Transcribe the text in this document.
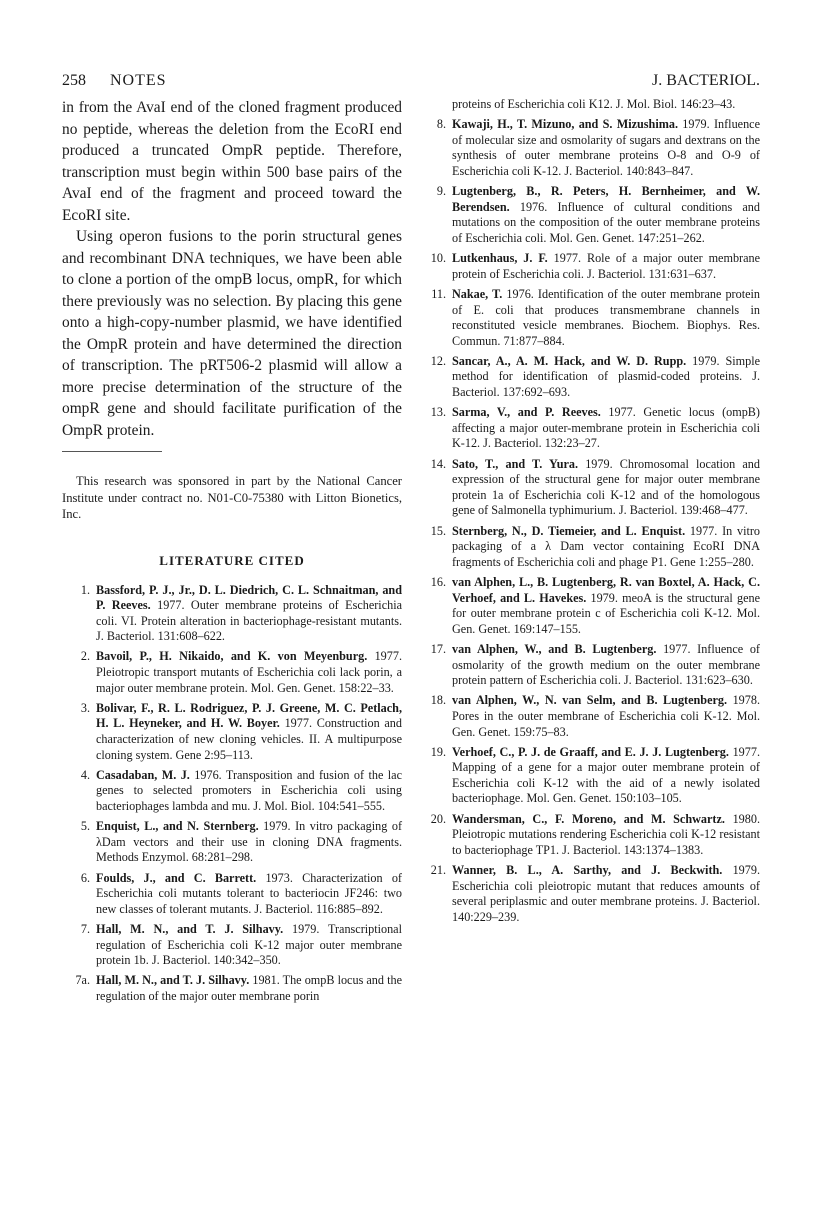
258 NOTES	J. BACTERIOL.

in from the AvaI end of the cloned fragment produced no peptide, whereas the deletion from the EcoRI end produced a truncated OmpR peptide. Therefore, transcription must begin within 500 base pairs of the AvaI end of the fragment and proceed toward the EcoRI site.

Using operon fusions to the porin structural genes and recombinant DNA techniques, we have been able to clone a portion of the ompB locus, ompR, for which there previously was no selection. By placing this gene onto a high-copy-number plasmid, we have identified the OmpR protein and have determined the direction of transcription. The pRT506-2 plasmid will allow a more precise determination of the structure of the ompR gene and should facilitate purification of the OmpR protein.

This research was sponsored in part by the National Cancer Institute under contract no. N01-C0-75380 with Litton Bionetics, Inc.

LITERATURE CITED
1. Bassford, P. J., Jr., D. L. Diedrich, C. L. Schnaitman, and P. Reeves. 1977. Outer membrane proteins of Escherichia coli. VI. Protein alteration in bacteriophage-resistant mutants. J. Bacteriol. 131:608–622.
2. Bavoil, P., H. Nikaido, and K. von Meyenburg. 1977. Pleiotropic transport mutants of Escherichia coli lack porin, a major outer membrane protein. Mol. Gen. Genet. 158:22–33.
3. Bolivar, F., R. L. Rodriguez, P. J. Greene, M. C. Petlach, H. L. Heyneker, and H. W. Boyer. 1977. Construction and characterization of new cloning vehicles. II. A multipurpose cloning system. Gene 2:95–113.
4. Casadaban, M. J. 1976. Transposition and fusion of the lac genes to selected promoters in Escherichia coli using bacteriophages lambda and mu. J. Mol. Biol. 104:541–555.
5. Enquist, L., and N. Sternberg. 1979. In vitro packaging of λDam vectors and their use in cloning DNA fragments. Methods Enzymol. 68:281–298.
6. Foulds, J., and C. Barrett. 1973. Characterization of Escherichia coli mutants tolerant to bacteriocin JF246: two new classes of tolerant mutants. J. Bacteriol. 116:885–892.
7. Hall, M. N., and T. J. Silhavy. 1979. Transcriptional regulation of Escherichia coli K-12 major outer membrane protein 1b. J. Bacteriol. 140:342–350.
7a. Hall, M. N., and T. J. Silhavy. 1981. The ompB locus and the regulation of the major outer membrane porin

proteins of Escherichia coli K12. J. Mol. Biol. 146:23–43.

8. Kawaji, H., T. Mizuno, and S. Mizushima. 1979. Influence of molecular size and osmolarity of sugars and dextrans on the synthesis of outer membrane proteins O-8 and O-9 of Escherichia coli K-12. J. Bacteriol. 140:843–847.
9. Lugtenberg, B., R. Peters, H. Bernheimer, and W. Berendsen. 1976. Influence of cultural conditions and mutations on the composition of the outer membrane proteins of Escherichia coli. Mol. Gen. Genet. 147:251–262.
10. Lutkenhaus, J. F. 1977. Role of a major outer membrane protein of Escherichia coli. J. Bacteriol. 131:631–637.
11. Nakae, T. 1976. Identification of the outer membrane protein of E. coli that produces transmembrane channels in reconstituted vesicle membranes. Biochem. Biophys. Res. Commun. 71:877–884.
12. Sancar, A., A. M. Hack, and W. D. Rupp. 1979. Simple method for identification of plasmid-coded proteins. J. Bacteriol. 137:692–693.
13. Sarma, V., and P. Reeves. 1977. Genetic locus (ompB) affecting a major outer-membrane protein in Escherichia coli K-12. J. Bacteriol. 132:23–27.
14. Sato, T., and T. Yura. 1979. Chromosomal location and expression of the structural gene for major outer membrane protein 1a of Escherichia coli K-12 and of the homologous gene of Salmonella typhimurium. J. Bacteriol. 139:468–477.
15. Sternberg, N., D. Tiemeier, and L. Enquist. 1977. In vitro packaging of a λ Dam vector containing EcoRI DNA fragments of Escherichia coli and phage P1. Gene 1:255–280.
16. van Alphen, L., B. Lugtenberg, R. van Boxtel, A. Hack, C. Verhoef, and L. Havekes. 1979. meoA is the structural gene for outer membrane protein c of Escherichia coli K-12. Mol. Gen. Genet. 169:147–155.
17. van Alphen, W., and B. Lugtenberg. 1977. Influence of osmolarity of the growth medium on the outer membrane protein pattern of Escherichia coli. J. Bacteriol. 131:623–630.
18. van Alphen, W., N. van Selm, and B. Lugtenberg. 1978. Pores in the outer membrane of Escherichia coli K-12. Mol. Gen. Genet. 159:75–83.
19. Verhoef, C., P. J. de Graaff, and E. J. J. Lugtenberg. 1977. Mapping of a gene for a major outer membrane protein of Escherichia coli K-12 with the aid of a newly isolated bacteriophage. Mol. Gen. Genet. 150:103–105.
20. Wandersman, C., F. Moreno, and M. Schwartz. 1980. Pleiotropic mutations rendering Escherichia coli K-12 resistant to bacteriophage TP1. J. Bacteriol. 143:1374–1383.
21. Wanner, B. L., A. Sarthy, and J. Beckwith. 1979. Escherichia coli pleiotropic mutant that reduces amounts of several periplasmic and outer membrane proteins. J. Bacteriol. 140:229–239.
